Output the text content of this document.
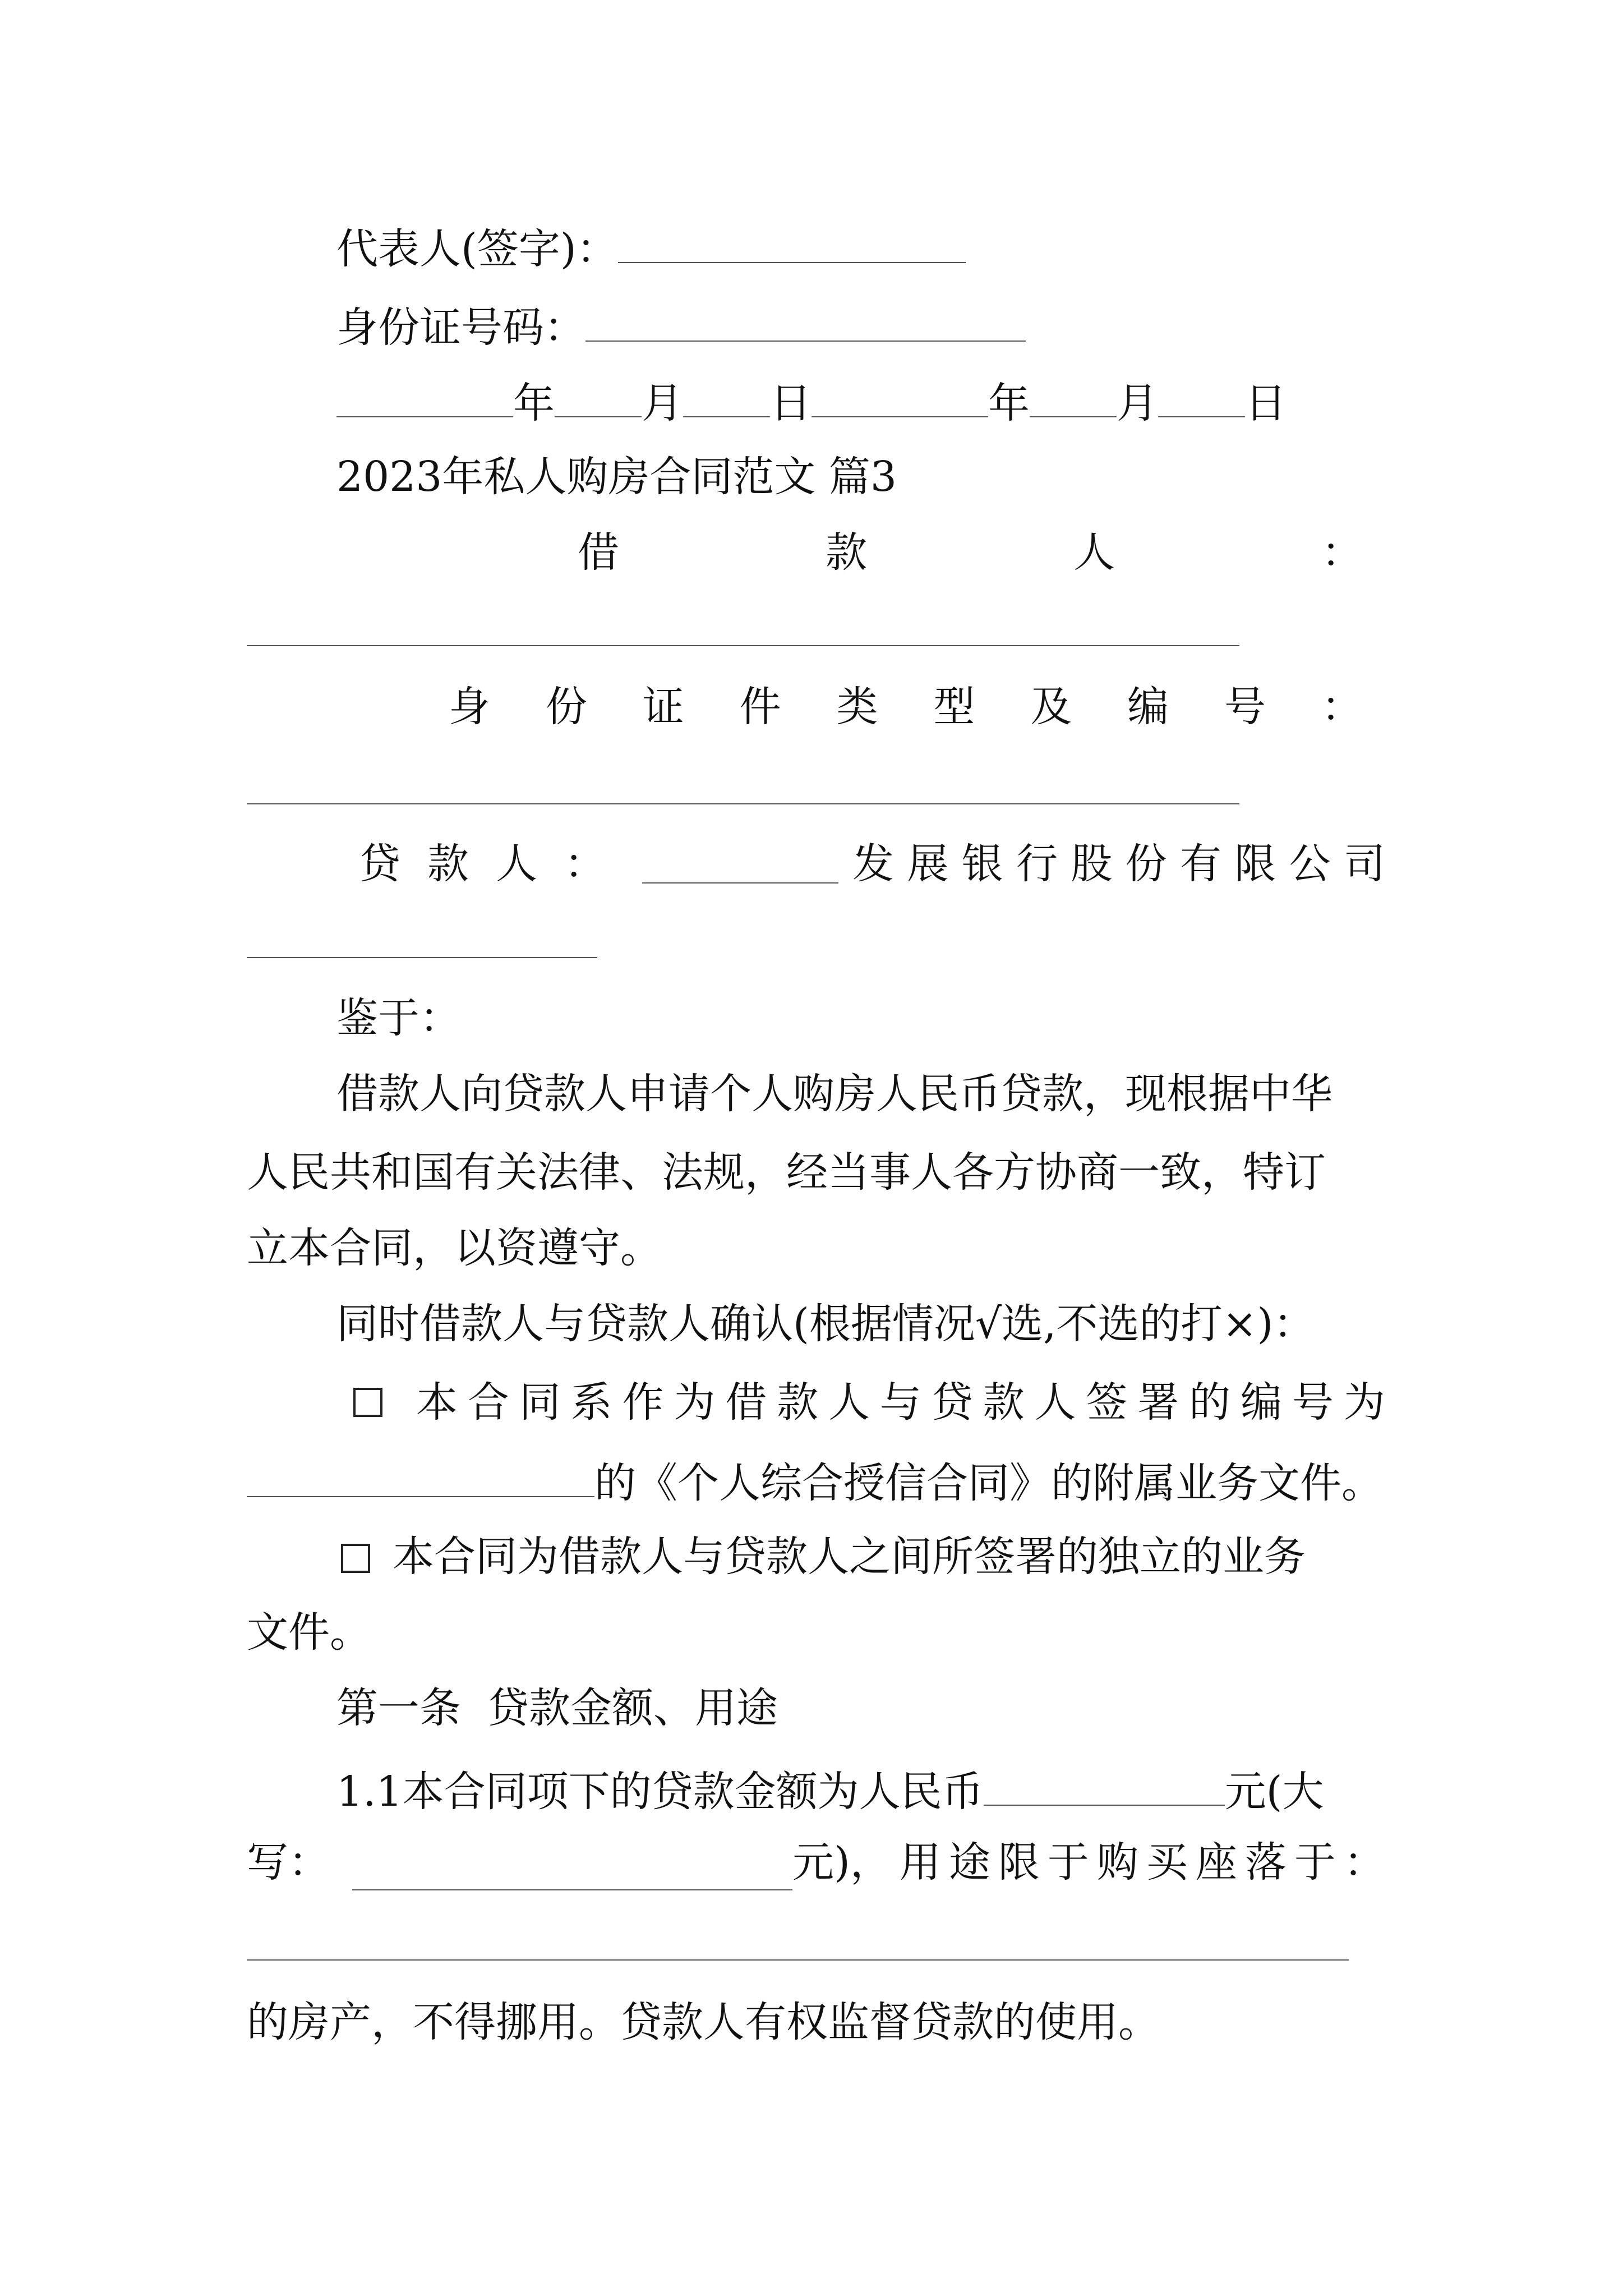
代表人(签字)：
身份证号码：
年 月 日	年 月 日
2023年私人购房合同范文 篇3
借	款	人	：
身 份 证 件 类 型 及 编 号 ：
贷 款 人 ：	发 展 银 行 股 份 有 限 公 司
鉴于：
借款人向贷款人申请个人购房人民币贷款，现根据中华
人民共和国有关法律、法规，经当事人各方协商一致，特订
立本合同，以资遵守。
同时借款人与贷款人确认(根据情况√选,不选的打×)：
本 合 同 系 作 为 借 款 人 与 贷 款 人 签 署 的 编 号 为
的《个人综合授信合同》的附属业务文件。
本合同为借款人与贷款人之间所签署的独立的业务
文件。
第一条  贷款金额、用途
1.1本合同项下的贷款金额为人民币	元(大
写：	元)， 用 途 限 于 购 买 座 落 于 ：
的房产，不得挪用。贷款人有权监督贷款的使用。
